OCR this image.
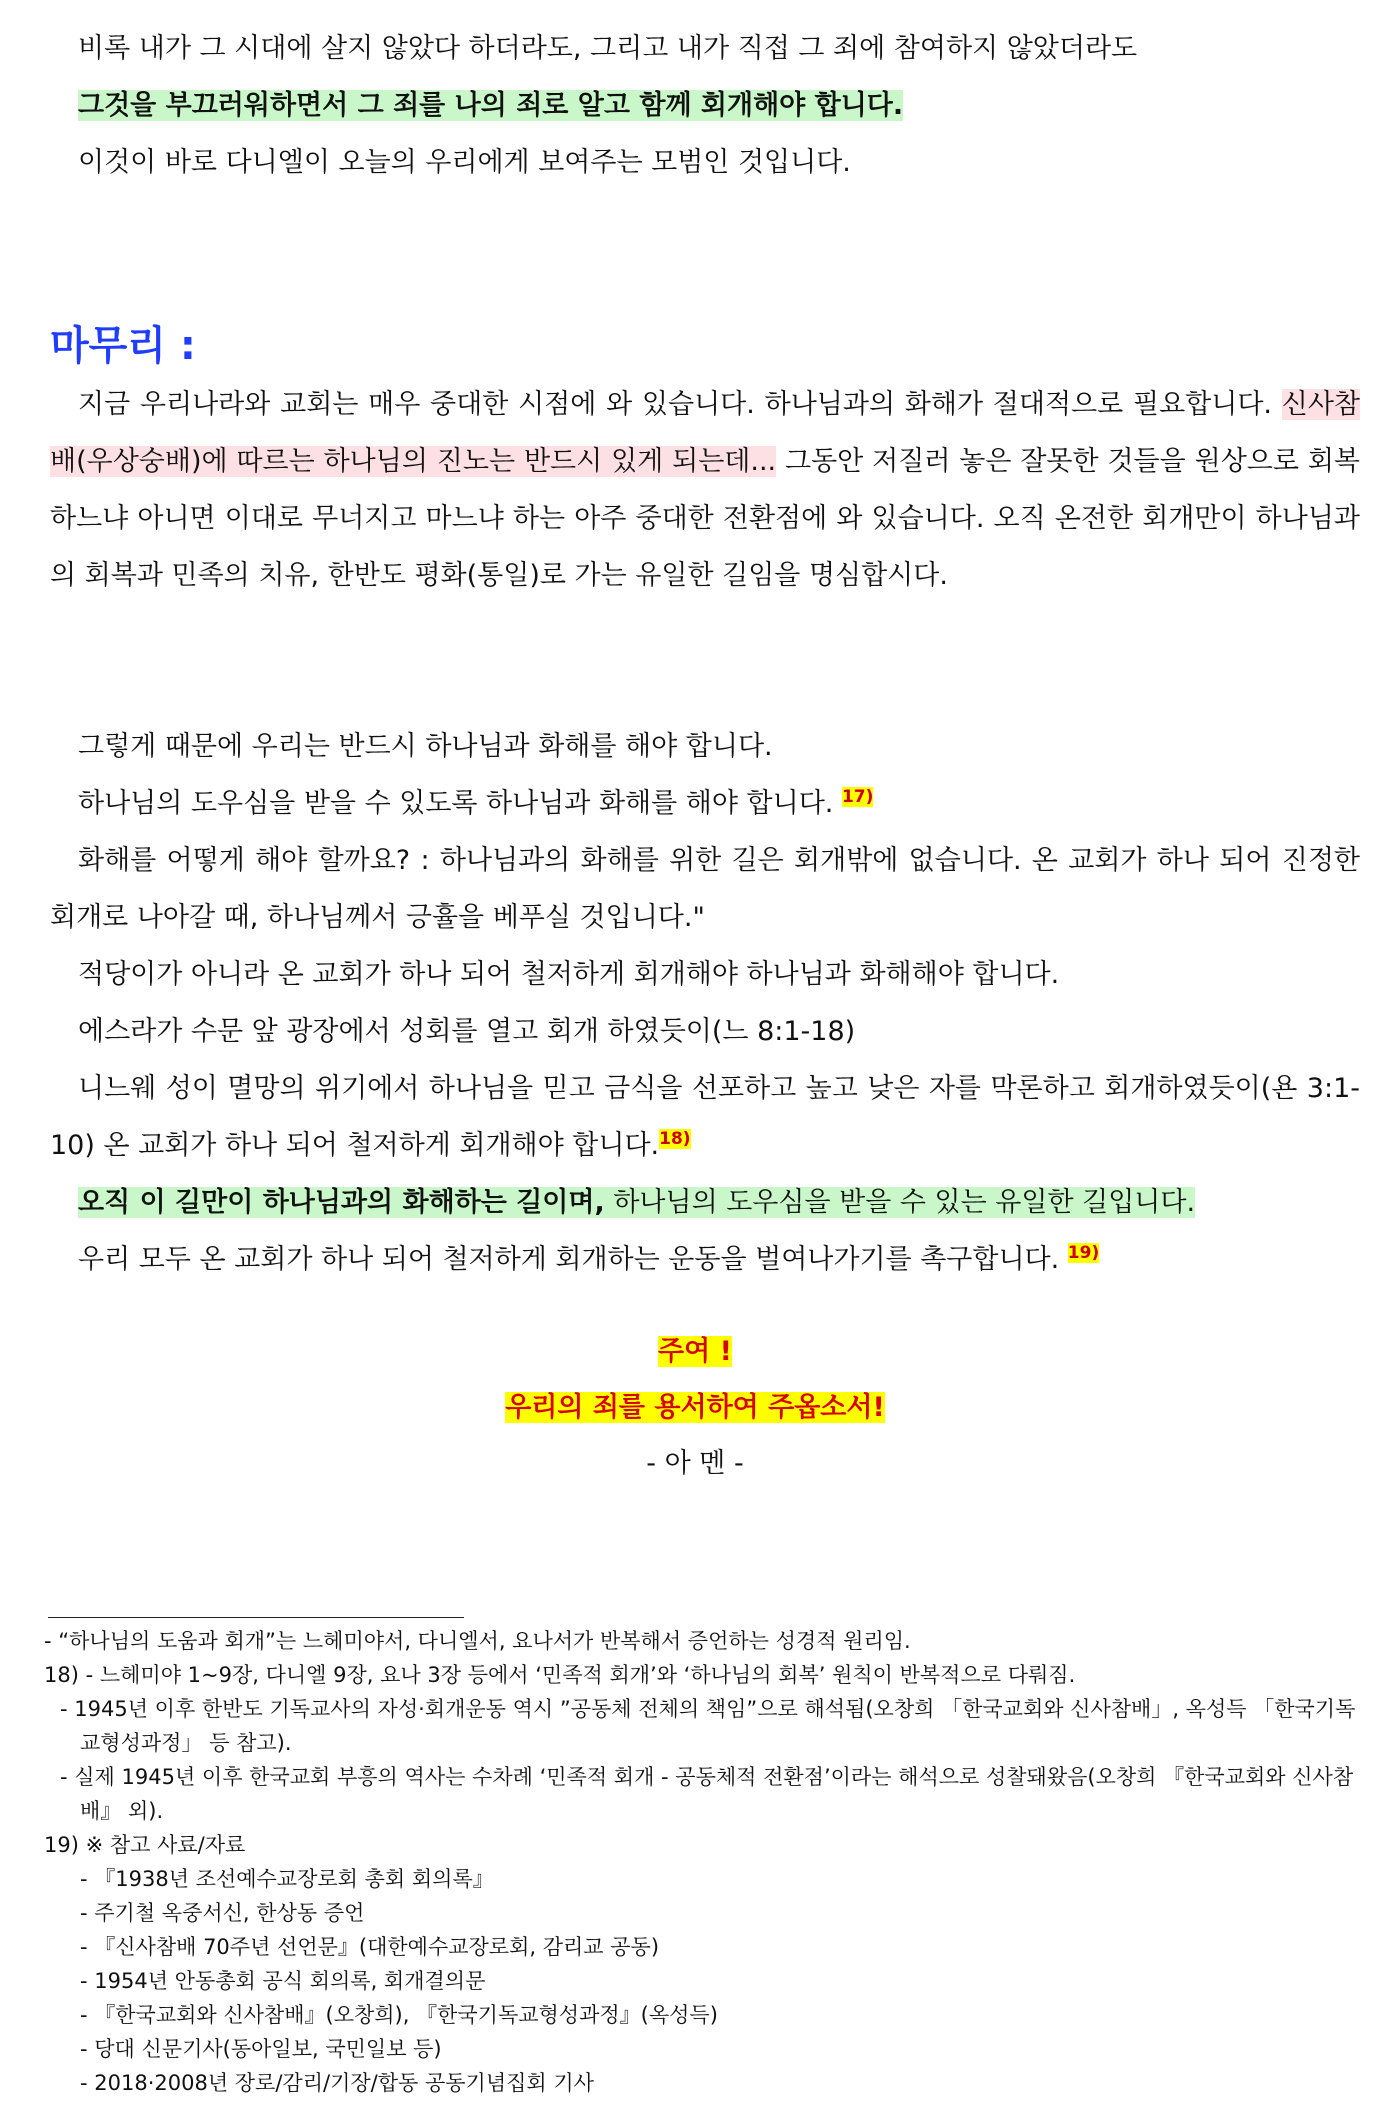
비록 내가 그 시대에 살지 않았다 하더라도, 그리고 내가 직접 그 죄에 참여하지 않았더라도

그것을 부끄러워하면서 그 죄를 나의 죄로 알고 함께 회개해야 합니다.

이것이 바로 다니엘이 오늘의 우리에게 보여주는 모범인 것입니다.

마무리 :

지금 우리나라와 교회는 매우 중대한 시점에 와 있습니다. 하나님과의 화해가 절대적으로 필요합니다. 신사참배(우상숭배)에 따르는 하나님의 진노는 반드시 있게 되는데... 그동안 저질러 놓은 잘못한 것들을 원상으로 회복하느냐 아니면 이대로 무너지고 마느냐 하는 아주 중대한 전환점에 와 있습니다. 오직 온전한 회개만이 하나님과의 회복과 민족의 치유, 한반도 평화(통일)로 가는 유일한 길임을 명심합시다.

그렇게 때문에 우리는 반드시 하나님과 화해를 해야 합니다.

하나님의 도우심을 받을 수 있도록 하나님과 화해를 해야 합니다. $^{17)}$

화해를 어떻게 해야 할까요? : 하나님과의 화해를 위한 길은 회개밖에 없습니다. 온 교회가 하나 되어 진정한 회개로 나아갈 때, 하나님께서 긍휼을 베푸실 것입니다."

적당이가 아니라 온 교회가 하나 되어 철저하게 회개해야 하나님과 화해해야 합니다.

에스라가 수문 앞 광장에서 성회를 열고 회개 하였듯이(느 8:1-18)

니느웨 성이 멸망의 위기에서 하나님을 믿고 금식을 선포하고 높고 낮은 자를 막론하고 회개하였듯이(욘 3:1-10) 온 교회가 하나 되어 철저하게 회개해야 합니다.$^{18)}$

오직 이 길만이 하나님과의 화해하는 길이며, 하나님의 도우심을 받을 수 있는 유일한 길입니다.

우리 모두 온 교회가 하나 되어 철저하게 회개하는 운동을 벌여나가기를 촉구합니다. $^{19)}$

주여 !
우리의 죄를 용서하여 주옵소서!
- 아 멘 -

- “하나님의 도움과 회개”는 느헤미야서, 다니엘서, 요나서가 반복해서 증언하는 성경적 원리임.

18) - 느헤미야 1~9장, 다니엘 9장, 요나 3장 등에서 ‘민족적 회개’와 ‘하나님의 회복’ 원칙이 반복적으로 다뤄짐.

- 1945년 이후 한반도 기독교사의 자성·회개운동 역시 ”공동체 전체의 책임”으로 해석됨(오창희 「한국교회와 신사참배」, 옥성득 「한국기독교형성과정」 등 참고).

- 실제 1945년 이후 한국교회 부흥의 역사는 수차례 ‘민족적 회개 - 공동체적 전환점’이라는 해석으로 성찰돼왔음(오창희 『한국교회와 신사참배』 외).

19) ※ 참고 사료/자료

- 『1938년 조선예수교장로회 총회 회의록』

- 주기철 옥중서신, 한상동 증언

- 『신사참배 70주년 선언문』(대한예수교장로회, 감리교 공동)

- 1954년 안동총회 공식 회의록, 회개결의문

- 『한국교회와 신사참배』(오창희), 『한국기독교형성과정』(옥성득)

- 당대 신문기사(동아일보, 국민일보 등)

- 2018·2008년 장로/감리/기장/합동 공동기념집회 기사
